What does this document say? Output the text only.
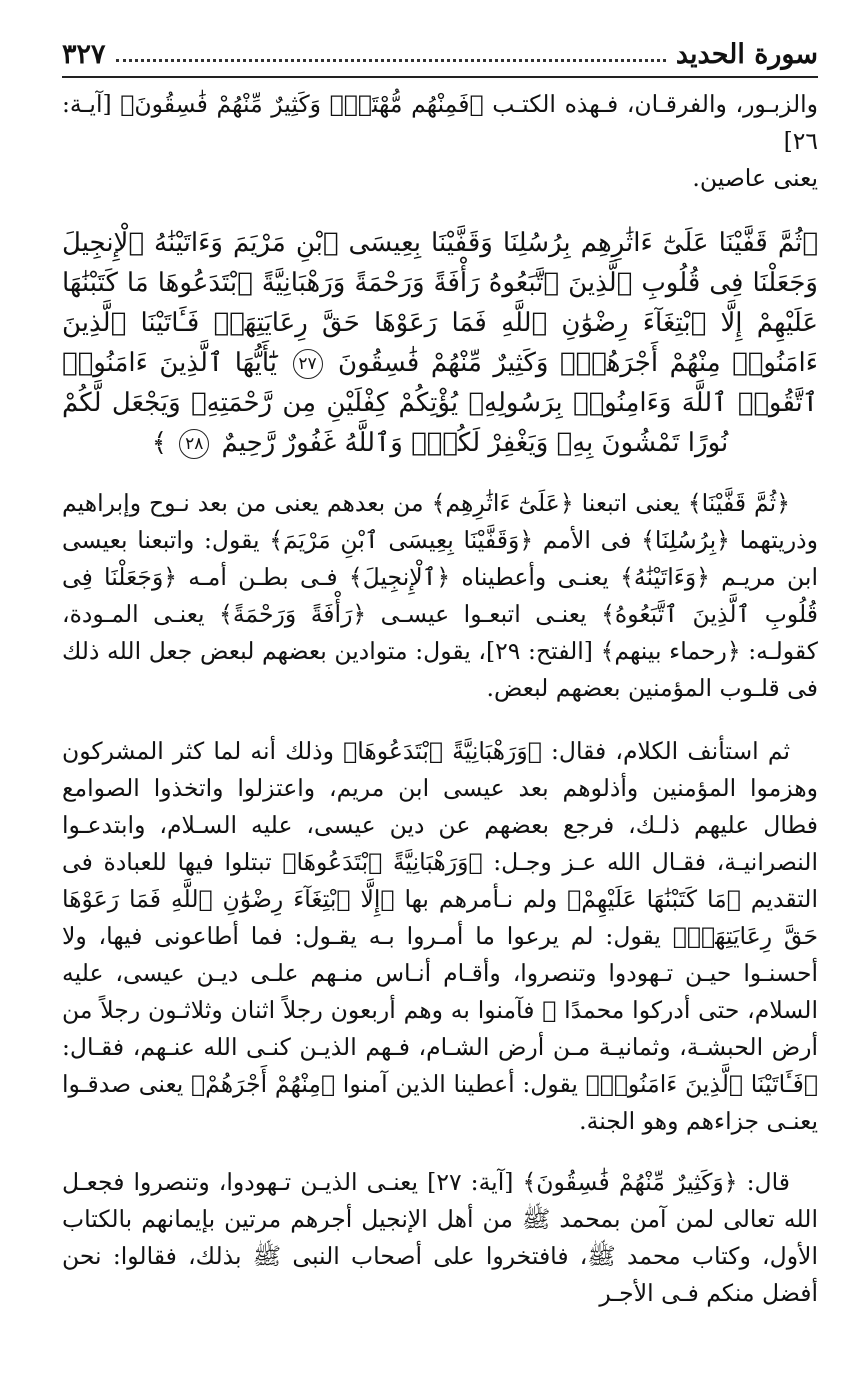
سورة الحديد
٣٢٧

والزبـور، والفرقـان، فـهذه الكتـب ﴿فَمِنْهُم مُّهْتَدٍۖ وَكَثِيرٌ مِّنْهُمْ فَٰسِقُونَ﴾ [آيـة: ٢٦]
يعنى عاصين.

﴿ثُمَّ قَفَّيْنَا عَلَىٰٓ ءَاثَٰرِهِم بِرُسُلِنَا وَقَفَّيْنَا بِعِيسَى ٱبْنِ مَرْيَمَ وَءَاتَيْنَٰهُ ٱلْإِنجِيلَ وَجَعَلْنَا فِى قُلُوبِ ٱلَّذِينَ ٱتَّبَعُوهُ رَأْفَةً وَرَحْمَةً وَرَهْبَانِيَّةً ٱبْتَدَعُوهَا مَا كَتَبْنَٰهَا عَلَيْهِمْ إِلَّا ٱبْتِغَآءَ رِضْوَٰنِ ٱللَّهِ فَمَا رَعَوْهَا حَقَّ رِعَايَتِهَاۖ فَـَٔاتَيْنَا ٱلَّذِينَ ءَامَنُوا۟ مِنْهُمْ أَجْرَهُمْۖ وَكَثِيرٌ مِّنْهُمْ فَٰسِقُونَ ٢٧ يَٰٓأَيُّهَا ٱلَّذِينَ ءَامَنُوا۟ ٱتَّقُوا۟ ٱللَّهَ وَءَامِنُوا۟ بِرَسُولِهِۦ يُؤْتِكُمْ كِفْلَيْنِ مِن رَّحْمَتِهِۦ وَيَجْعَل لَّكُمْ نُورًا تَمْشُونَ بِهِۦ وَيَغْفِرْ لَكُمْۚ وَٱللَّهُ غَفُورٌ رَّحِيمٌ ٢٨ ﴾

﴿ثُمَّ قَفَّيْنَا﴾ يعنى اتبعنا ﴿عَلَىٰٓ ءَاثَٰرِهِم﴾ من بعدهم يعنى من بعد نـوح وإبراهيم وذريتهما ﴿بِرُسُلِنَا﴾ فى الأمم ﴿وَقَفَّيْنَا بِعِيسَى ٱبْنِ مَرْيَمَ﴾ يقول: واتبعنا بعيسى ابن مريـم ﴿وَءَاتَيْنَٰهُ﴾ يعنـى وأعطيناه ﴿ٱلْإِنجِيلَ﴾ فـى بطـن أمـه ﴿وَجَعَلْنَا فِى قُلُوبِ ٱلَّذِينَ ٱتَّبَعُوهُ﴾ يعنـى اتبعـوا عيسـى ﴿رَأْفَةً وَرَحْمَةً﴾ يعنـى المـودة، كقولـه: ﴿رحماء بينهم﴾ [الفتح: ٢٩]، يقول: متوادين بعضهم لبعض جعل الله ذلك فى قلـوب المؤمنين بعضهم لبعض.

ثم استأنف الكلام، فقال: ﴿وَرَهْبَانِيَّةً ٱبْتَدَعُوهَا﴾ وذلك أنه لما كثر المشركون وهزموا المؤمنين وأذلوهم بعد عيسى ابن مريم، واعتزلوا واتخذوا الصوامع فطال عليهم ذلـك، فرجع بعضهم عن دين عيسى، عليه السـلام، وابتدعـوا النصرانيـة، فقـال الله عـز وجـل: ﴿وَرَهْبَانِيَّةً ٱبْتَدَعُوهَا﴾ تبتلوا فيها للعبادة فى التقديم ﴿مَا كَتَبْنَٰهَا عَلَيْهِمْ﴾ ولم نـأمرهم بها ﴿إِلَّا ٱبْتِغَآءَ رِضْوَٰنِ ٱللَّهِ فَمَا رَعَوْهَا حَقَّ رِعَايَتِهَاۖ﴾ يقول: لم يرعوا ما أمـروا بـه يقـول: فما أطاعونى فيها، ولا أحسنـوا حيـن تـهودوا وتنصروا، وأقـام أنـاس منـهم علـى ديـن عيسى، عليه السلام، حتى أدركوا محمدًا ﷺ فآمنوا به وهم أربعون رجلاً اثنان وثلاثـون رجلاً من أرض الحبشـة، وثمانيـة مـن أرض الشـام، فـهم الذيـن كنـى الله عنـهم، فقـال: ﴿فَـَٔاتَيْنَا ٱلَّذِينَ ءَامَنُوا۟﴾ يقول: أعطينا الذين آمنوا ﴿مِنْهُمْ أَجْرَهُمْ﴾ يعنى صدقـوا يعنـى جزاءهم وهو الجنة.

قال: ﴿وَكَثِيرٌ مِّنْهُمْ فَٰسِقُونَ﴾ [آية: ٢٧] يعنـى الذيـن تـهودوا، وتنصروا فجعـل الله تعالى لمن آمن بمحمد ﷺ من أهل الإنجيل أجرهم مرتين بإيمانهم بالكتاب الأول، وكتاب محمد ﷺ، فافتخروا على أصحاب النبى ﷺ بذلك، فقالوا: نحن أفضل منكم فـى الأجـر
